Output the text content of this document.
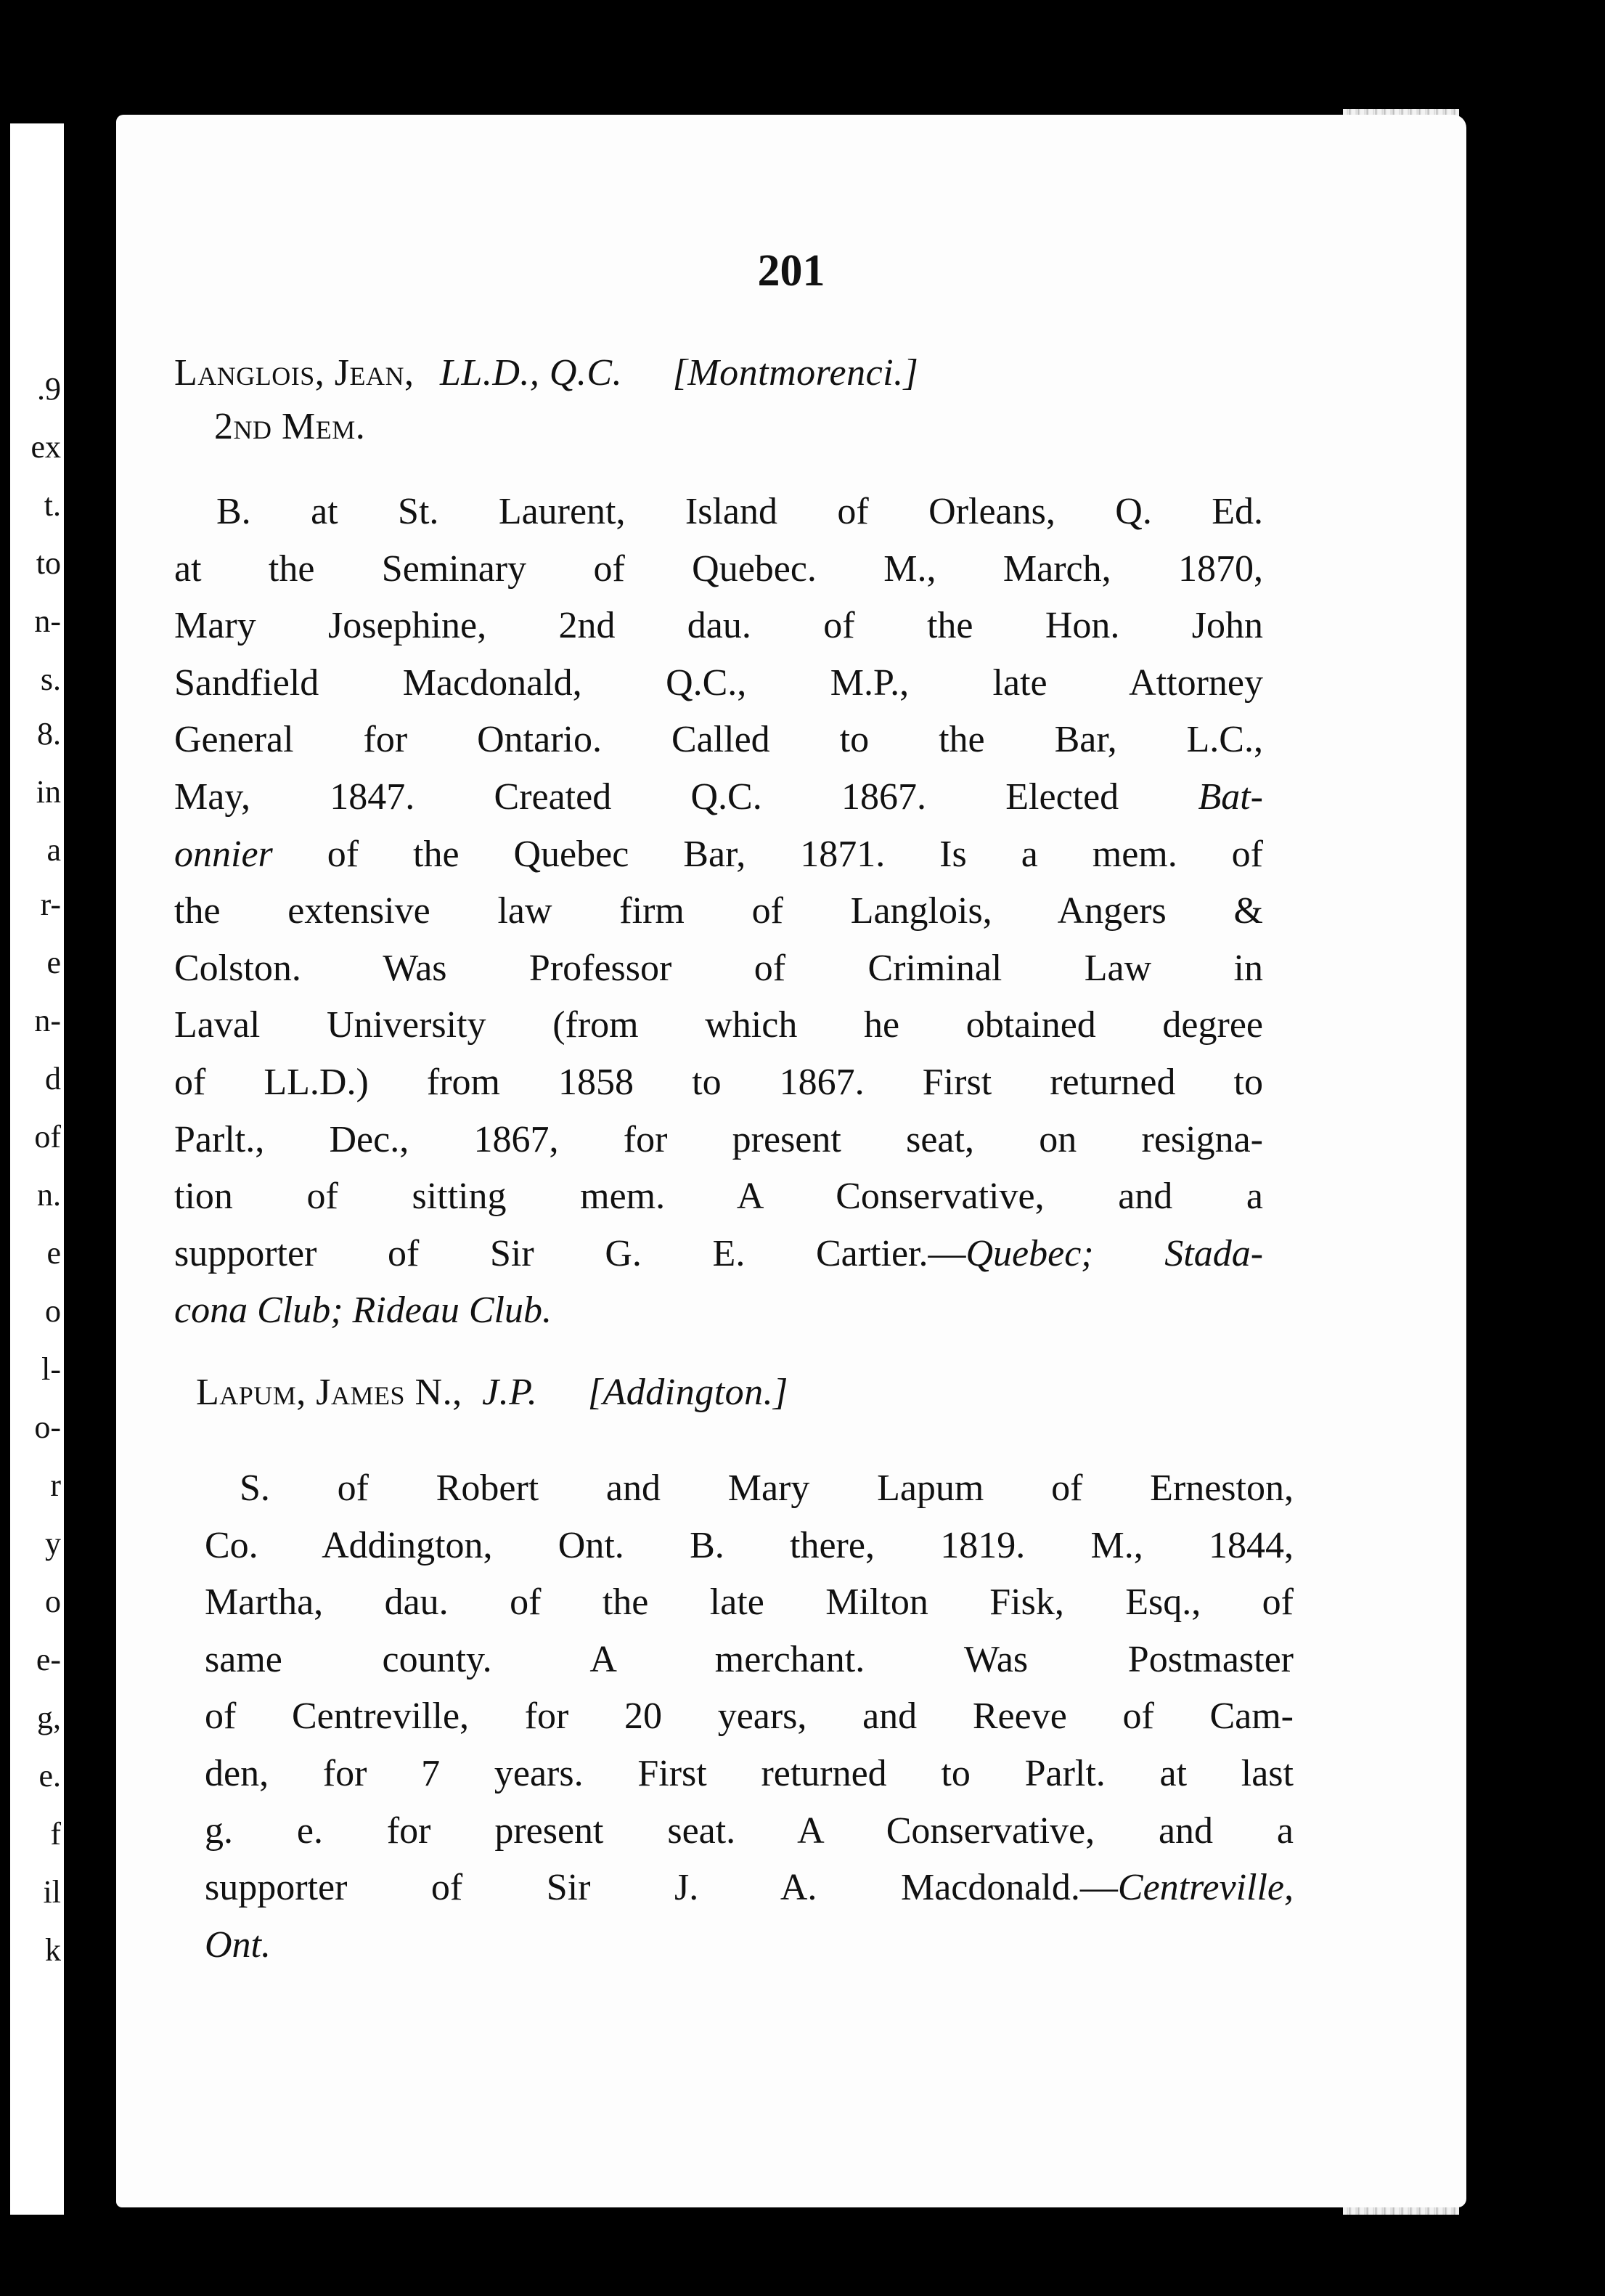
.9
ex
t.
to
n-
s.
8.
in
a
r-
e
n-
d
of
n.
e
o
l-
o-
r
y
o
e-
g,
e.
f
il
k
201
Langlois, Jean, LL.D., Q.C. [Montmorenci.]
2nd Mem.
B. at St. Laurent, Island of Orleans, Q. Ed.
at the Seminary of Quebec. M., March, 1870,
Mary Josephine, 2nd dau. of the Hon. John
Sandfield Macdonald, Q.C., M.P., late Attorney
General for Ontario. Called to the Bar, L.C.,
May, 1847. Created Q.C. 1867. Elected Bat-
onnier of the Quebec Bar, 1871. Is a mem. of
the extensive law firm of Langlois, Angers &
Colston. Was Professor of Criminal Law in
Laval University (from which he obtained degree
of LL.D.) from 1858 to 1867. First returned to
Parlt., Dec., 1867, for present seat, on resigna-
tion of sitting mem. A Conservative, and a
supporter of Sir G. E. Cartier.—Quebec; Stada-
cona Club; Rideau Club.
Lapum, James N., J.P. [Addington.]
S. of Robert and Mary Lapum of Erneston,
Co. Addington, Ont. B. there, 1819. M., 1844,
Martha, dau. of the late Milton Fisk, Esq., of
same county. A merchant. Was Postmaster
of Centreville, for 20 years, and Reeve of Cam-
den, for 7 years. First returned to Parlt. at last
g. e. for present seat. A Conservative, and a
supporter of Sir J. A. Macdonald.—Centreville,
Ont.
